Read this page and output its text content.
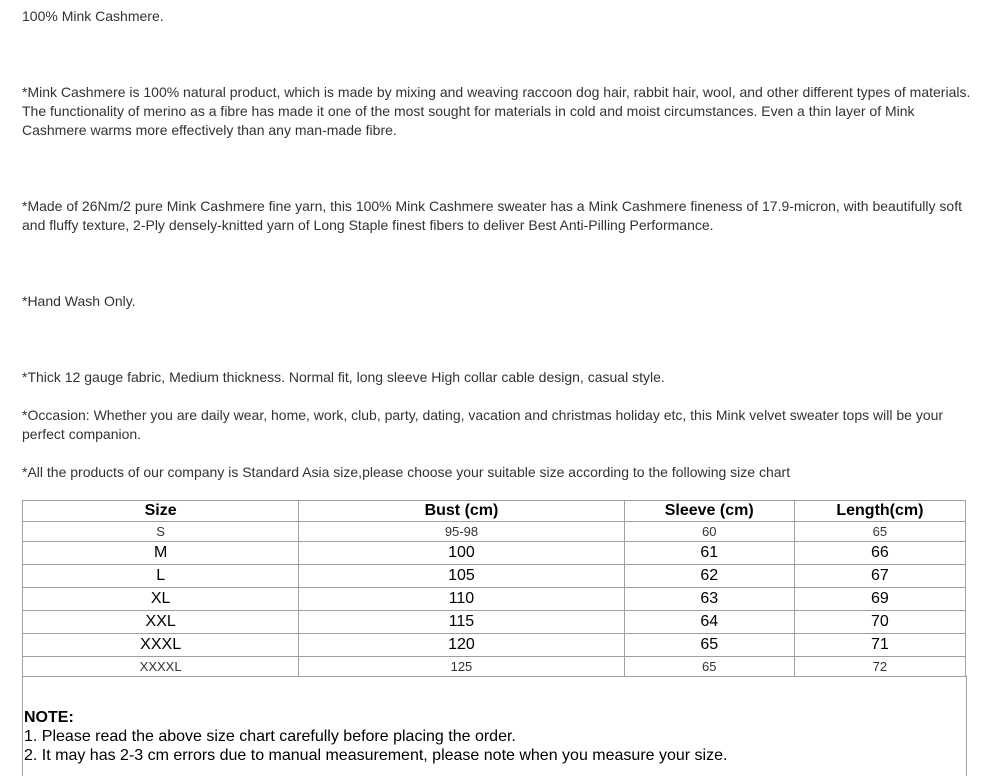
100% Mink Cashmere.

*Mink Cashmere is 100% natural product, which is made by mixing and weaving raccoon dog hair, rabbit hair, wool, and other different types of materials. The functionality of merino as a fibre has made it one of the most sought for materials in cold and moist circumstances. Even a thin layer of Mink Cashmere warms more effectively than any man-made fibre.

*Made of 26Nm/2 pure Mink Cashmere fine yarn, this 100% Mink Cashmere sweater has a Mink Cashmere fineness of 17.9-micron, with beautifully soft and fluffy texture, 2-Ply densely-knitted yarn of Long Staple finest fibers to deliver Best Anti-Pilling Performance.

*Hand Wash Only.

*Thick 12 gauge fabric, Medium thickness. Normal fit, long sleeve High collar cable design, casual style.

*Occasion: Whether you are daily wear, home, work, club, party, dating, vacation and christmas holiday etc, this Mink velvet sweater tops will be your perfect companion.

*All the products of our company is Standard Asia size,please choose your suitable size according to the following size chart

Size	Bust (cm)	Sleeve (cm)	Length(cm)
S	95-98	60	65
M	100	61	66
L	105	62	67
XL	110	63	69
XXL	115	64	70
XXXL	120	65	71
XXXXL	125	65	72

NOTE:

1. Please read the above size chart carefully before placing the order.

2. It may has 2-3 cm errors due to manual measurement, please note when you measure your size.
